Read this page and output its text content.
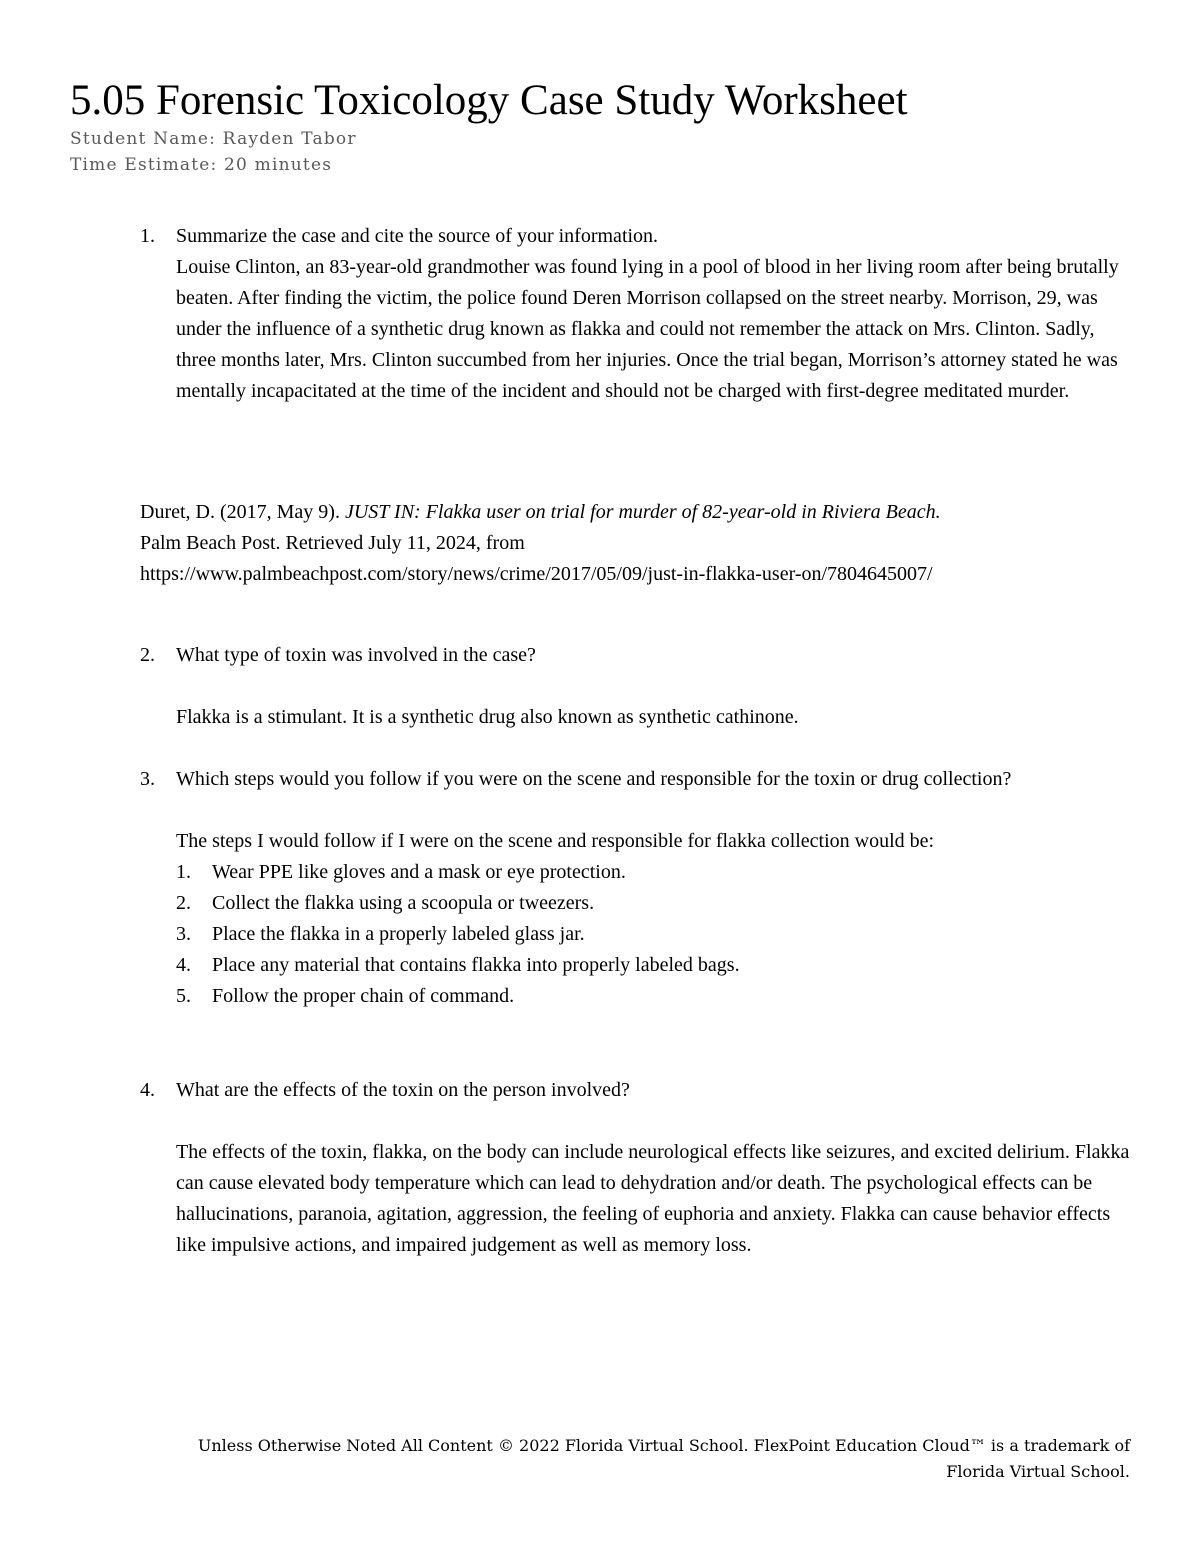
5.05 Forensic Toxicology Case Study Worksheet
Student Name: Rayden Tabor
Time Estimate: 20 minutes
1.	Summarize the case and cite the source of your information.

Louise Clinton, an 83-year-old grandmother was found lying in a pool of blood in her living room after being brutally beaten. After finding the victim, the police found Deren Morrison collapsed on the street nearby. Morrison, 29, was under the influence of a synthetic drug known as flakka and could not remember the attack on Mrs. Clinton. Sadly, three months later, Mrs. Clinton succumbed from her injuries. Once the trial began, Morrison’s attorney stated he was mentally incapacitated at the time of the incident and should not be charged with first-degree meditated murder.

Duret, D. (2017, May 9). JUST IN: Flakka user on trial for murder of 82-year-old in Riviera Beach.
Palm Beach Post. Retrieved July 11, 2024, from
https://www.palmbeachpost.com/story/news/crime/2017/05/09/just-in-flakka-user-on/7804645007/
2.	What type of toxin was involved in the case?

Flakka is a stimulant. It is a synthetic drug also known as synthetic cathinone.

3.	Which steps would you follow if you were on the scene and responsible for the toxin or drug collection?

The steps I would follow if I were on the scene and responsible for flakka collection would be:

1. Wear PPE like gloves and a mask or eye protection.
2. Collect the flakka using a scoopula or tweezers.
3. Place the flakka in a properly labeled glass jar.
4. Place any material that contains flakka into properly labeled bags.
5. Follow the proper chain of command.
4.	What are the effects of the toxin on the person involved?

The effects of the toxin, flakka, on the body can include neurological effects like seizures, and excited delirium. Flakka can cause elevated body temperature which can lead to dehydration and/or death. The psychological effects can be hallucinations, paranoia, agitation, aggression, the feeling of euphoria and anxiety. Flakka can cause behavior effects like impulsive actions, and impaired judgement as well as memory loss.

Unless Otherwise Noted All Content © 2022 Florida Virtual School. FlexPoint Education Cloud™ is a trademark of
Florida Virtual School.
